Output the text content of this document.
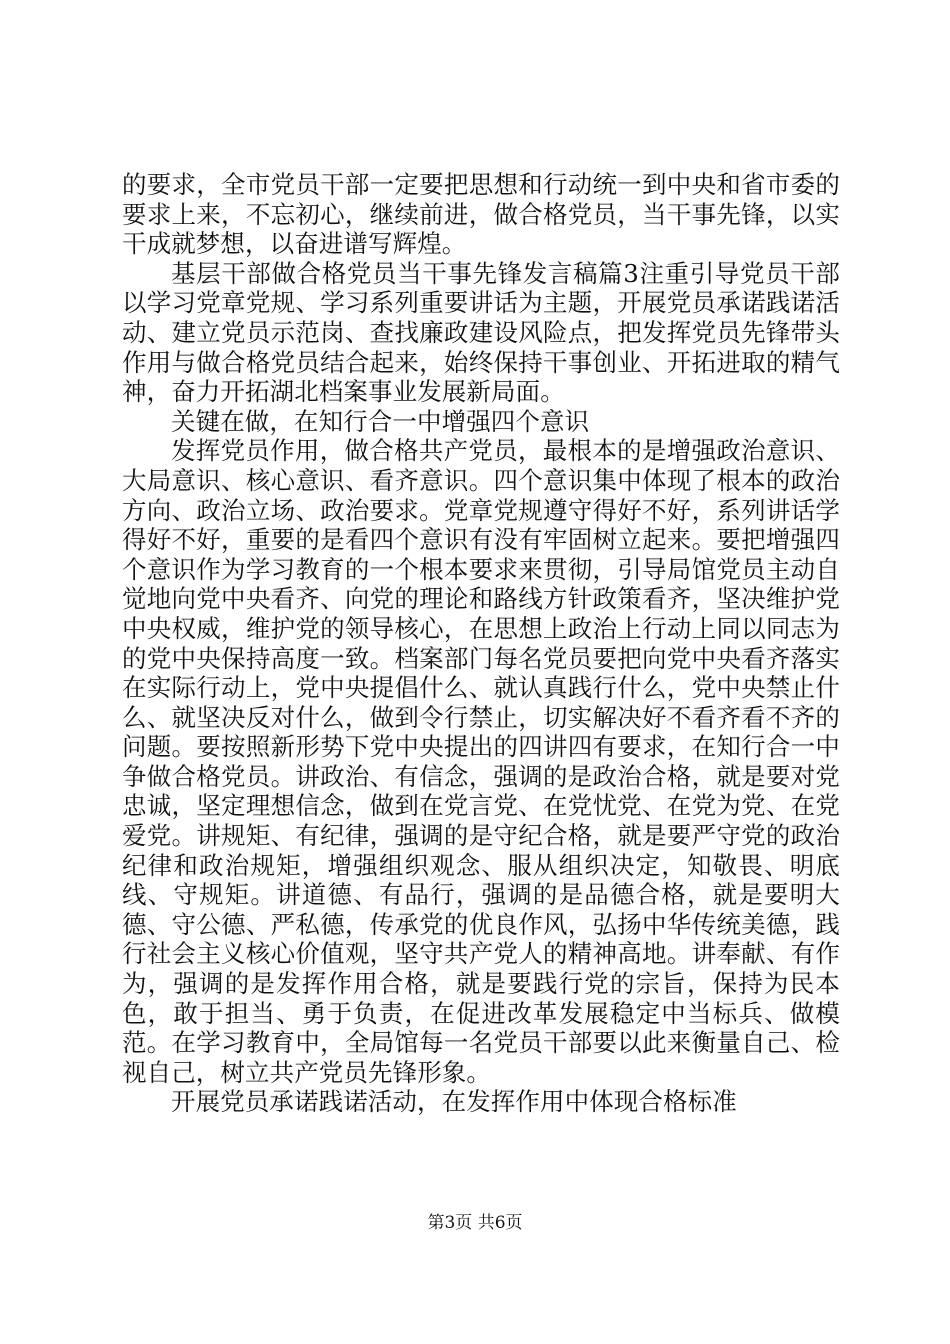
的要求，全市党员干部一定要把思想和行动统一到中央和省市委的要求上来，不忘初心，继续前进，做合格党员，当干事先锋，以实干成就梦想，以奋进谱写辉煌。

基层干部做合格党员当干事先锋发言稿篇3注重引导党员干部以学习党章党规、学习系列重要讲话为主题，开展党员承诺践诺活动、建立党员示范岗、查找廉政建设风险点，把发挥党员先锋带头作用与做合格党员结合起来，始终保持干事创业、开拓进取的精气神，奋力开拓湖北档案事业发展新局面。

关键在做，在知行合一中增强四个意识

发挥党员作用，做合格共产党员，最根本的是增强政治意识、大局意识、核心意识、看齐意识。四个意识集中体现了根本的政治方向、政治立场、政治要求。党章党规遵守得好不好，系列讲话学得好不好，重要的是看四个意识有没有牢固树立起来。要把增强四个意识作为学习教育的一个根本要求来贯彻，引导局馆党员主动自觉地向党中央看齐、向党的理论和路线方针政策看齐，坚决维护党中央权威，维护党的领导核心，在思想上政治上行动上同以同志为的党中央保持高度一致。档案部门每名党员要把向党中央看齐落实在实际行动上，党中央提倡什么、就认真践行什么，党中央禁止什么、就坚决反对什么，做到令行禁止，切实解决好不看齐看不齐的问题。要按照新形势下党中央提出的四讲四有要求，在知行合一中争做合格党员。讲政治、有信念，强调的是政治合格，就是要对党忠诚，坚定理想信念，做到在党言党、在党忧党、在党为党、在党爱党。讲规矩、有纪律，强调的是守纪合格，就是要严守党的政治纪律和政治规矩，增强组织观念、服从组织决定，知敬畏、明底线、守规矩。讲道德、有品行，强调的是品德合格，就是要明大德、守公德、严私德，传承党的优良作风，弘扬中华传统美德，践行社会主义核心价值观，坚守共产党人的精神高地。讲奉献、有作为，强调的是发挥作用合格，就是要践行党的宗旨，保持为民本色，敢于担当、勇于负责，在促进改革发展稳定中当标兵、做模范。在学习教育中，全局馆每一名党员干部要以此来衡量自己、检视自己，树立共产党员先锋形象。

开展党员承诺践诺活动，在发挥作用中体现合格标准

第3页 共6页
